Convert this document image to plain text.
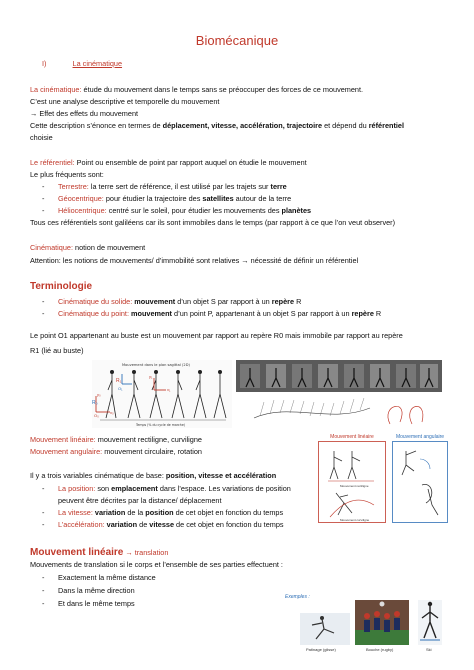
Biomécanique
I)	La cinématique
La cinématique: étude du mouvement dans le temps sans se préoccuper des forces de ce mouvement.
C’est une analyse descriptive et temporelle du mouvement
→ Effet des effets du mouvement
Cette description s’énonce en termes de déplacement, vitesse, accélération, trajectoire et dépend du référentiel
choisie
Le référentiel: Point ou ensemble de point par rapport auquel on étudie le mouvement
Le plus fréquents sont:
- Terrestre: la terre sert de référence, il est utilisé par les trajets sur terre
- Géocentrique: pour étudier la trajectoire des satellites autour de la terre
- Héliocentrique: centré sur le soleil, pour étudier les mouvements des planètes
Tous ces référentiels sont galiléens car ils sont immobiles dans le temps (par rapport à ce que l’on veut observer)
Cinématique: notion de mouvement
Attention: les notions de mouvements/ d’immobilité sont relatives → nécessité de définir un référentiel
Terminologie
- Cinématique du solide: mouvement d’un objet S par rapport à un repère R
- Cinématique du point: mouvement d’un point P, appartenant à un objet S par rapport à un repère R
Le point O1 appartenant au buste est un mouvement par rapport au repère R0 mais immobile par rapport au repère
R1 (lié au buste)
Mouvement dans le plan sagittal (2D)
Temps (% du cycle de marche)
R₁
O₁
R₀
y₁
x₁
y₀
O₀
x₀
Mouvement linéaire: mouvement rectiligne, curviligne
Mouvement angulaire: mouvement circulaire, rotation
Il y a trois variables cinématique de base: position, vitesse et accélération
- La position: son emplacement dans l’espace. Les variations de position
peuvent être décrites par la distance/ déplacement
- La vitesse: variation de la position de cet objet en fonction du temps
- L’accélération: variation de vitesse de cet objet en fonction du temps
Mouvement linéaire	Mouvement angulaire
Mouvement rectiligne
Mouvement curviligne
Mouvement linéaire → translation
Mouvements de translation si le corps et l’ensemble de ses parties effectuent :
- Exactement la même distance
- Dans la même direction
- Et dans le même temps
Exemples :
Patinage (glisse)	Bouche (rugby)	Ski
